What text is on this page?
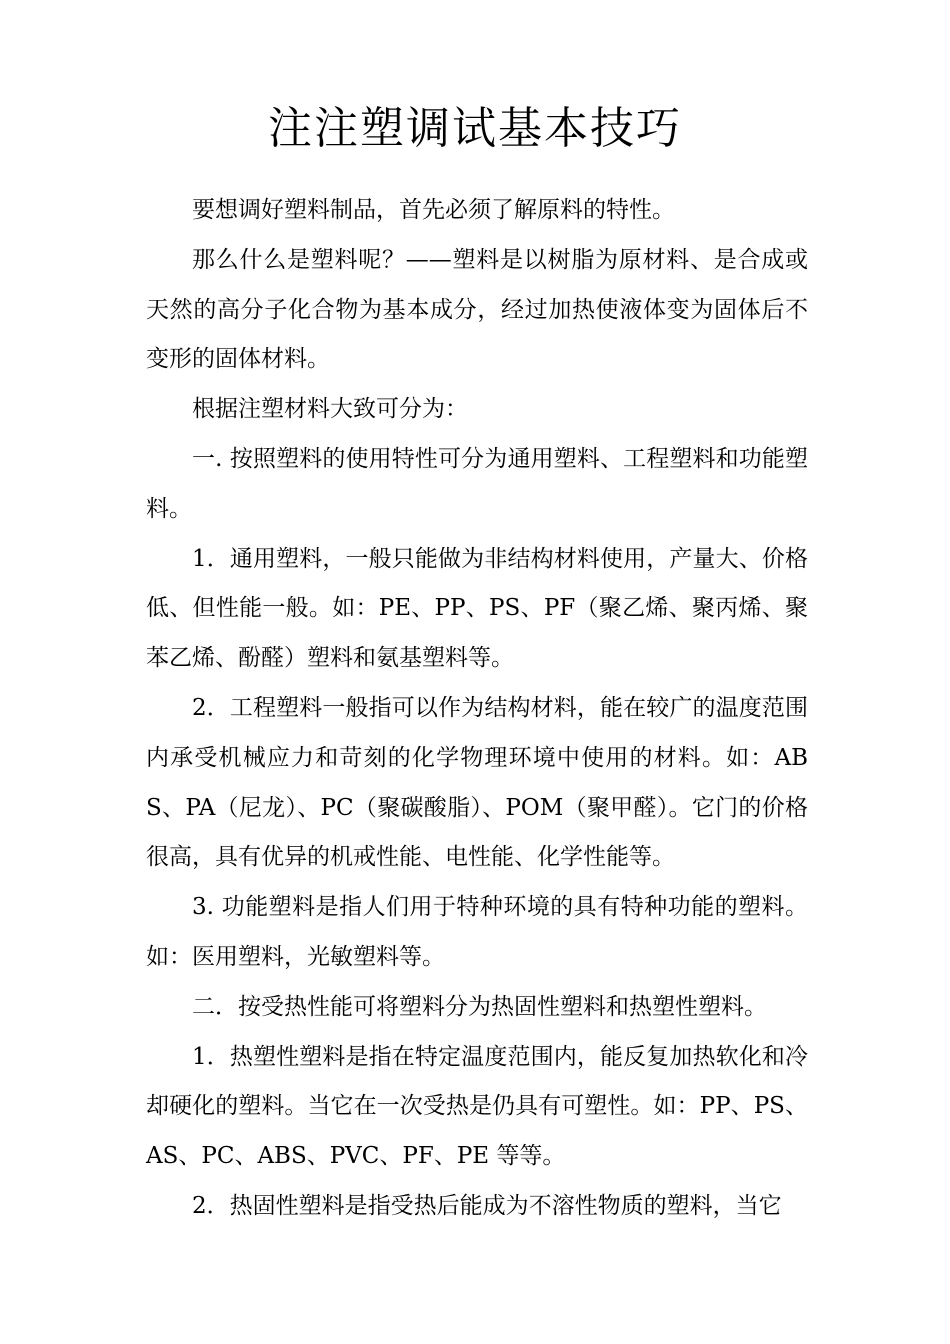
注注塑调试基本技巧

要想调好塑料制品，首先必须了解原料的特性。

那么什么是塑料呢？——塑料是以树脂为原材料、是合成或天然的高分子化合物为基本成分，经过加热使液体变为固体后不变形的固体材料。

根据注塑材料大致可分为：

一. 按照塑料的使用特性可分为通用塑料、工程塑料和功能塑料。

1．通用塑料，一般只能做为非结构材料使用，产量大、价格低、但性能一般。如：PE、PP、PS、PF（聚乙烯、聚丙烯、聚苯乙烯、酚醛）塑料和氨基塑料等。

2．工程塑料一般指可以作为结构材料，能在较广的温度范围内承受机械应力和苛刻的化学物理环境中使用的材料。如：ABS、PA（尼龙）、PC（聚碳酸脂）、POM（聚甲醛）。它门的价格很高，具有优异的机戒性能、电性能、化学性能等。

3. 功能塑料是指人们用于特种环境的具有特种功能的塑料。如：医用塑料，光敏塑料等。

二．按受热性能可将塑料分为热固性塑料和热塑性塑料。

1．热塑性塑料是指在特定温度范围内，能反复加热软化和冷却硬化的塑料。当它在一次受热是仍具有可塑性。如：PP、PS、AS、PC、ABS、PVC、PF、PE 等等。

2．热固性塑料是指受热后能成为不溶性物质的塑料，当它
